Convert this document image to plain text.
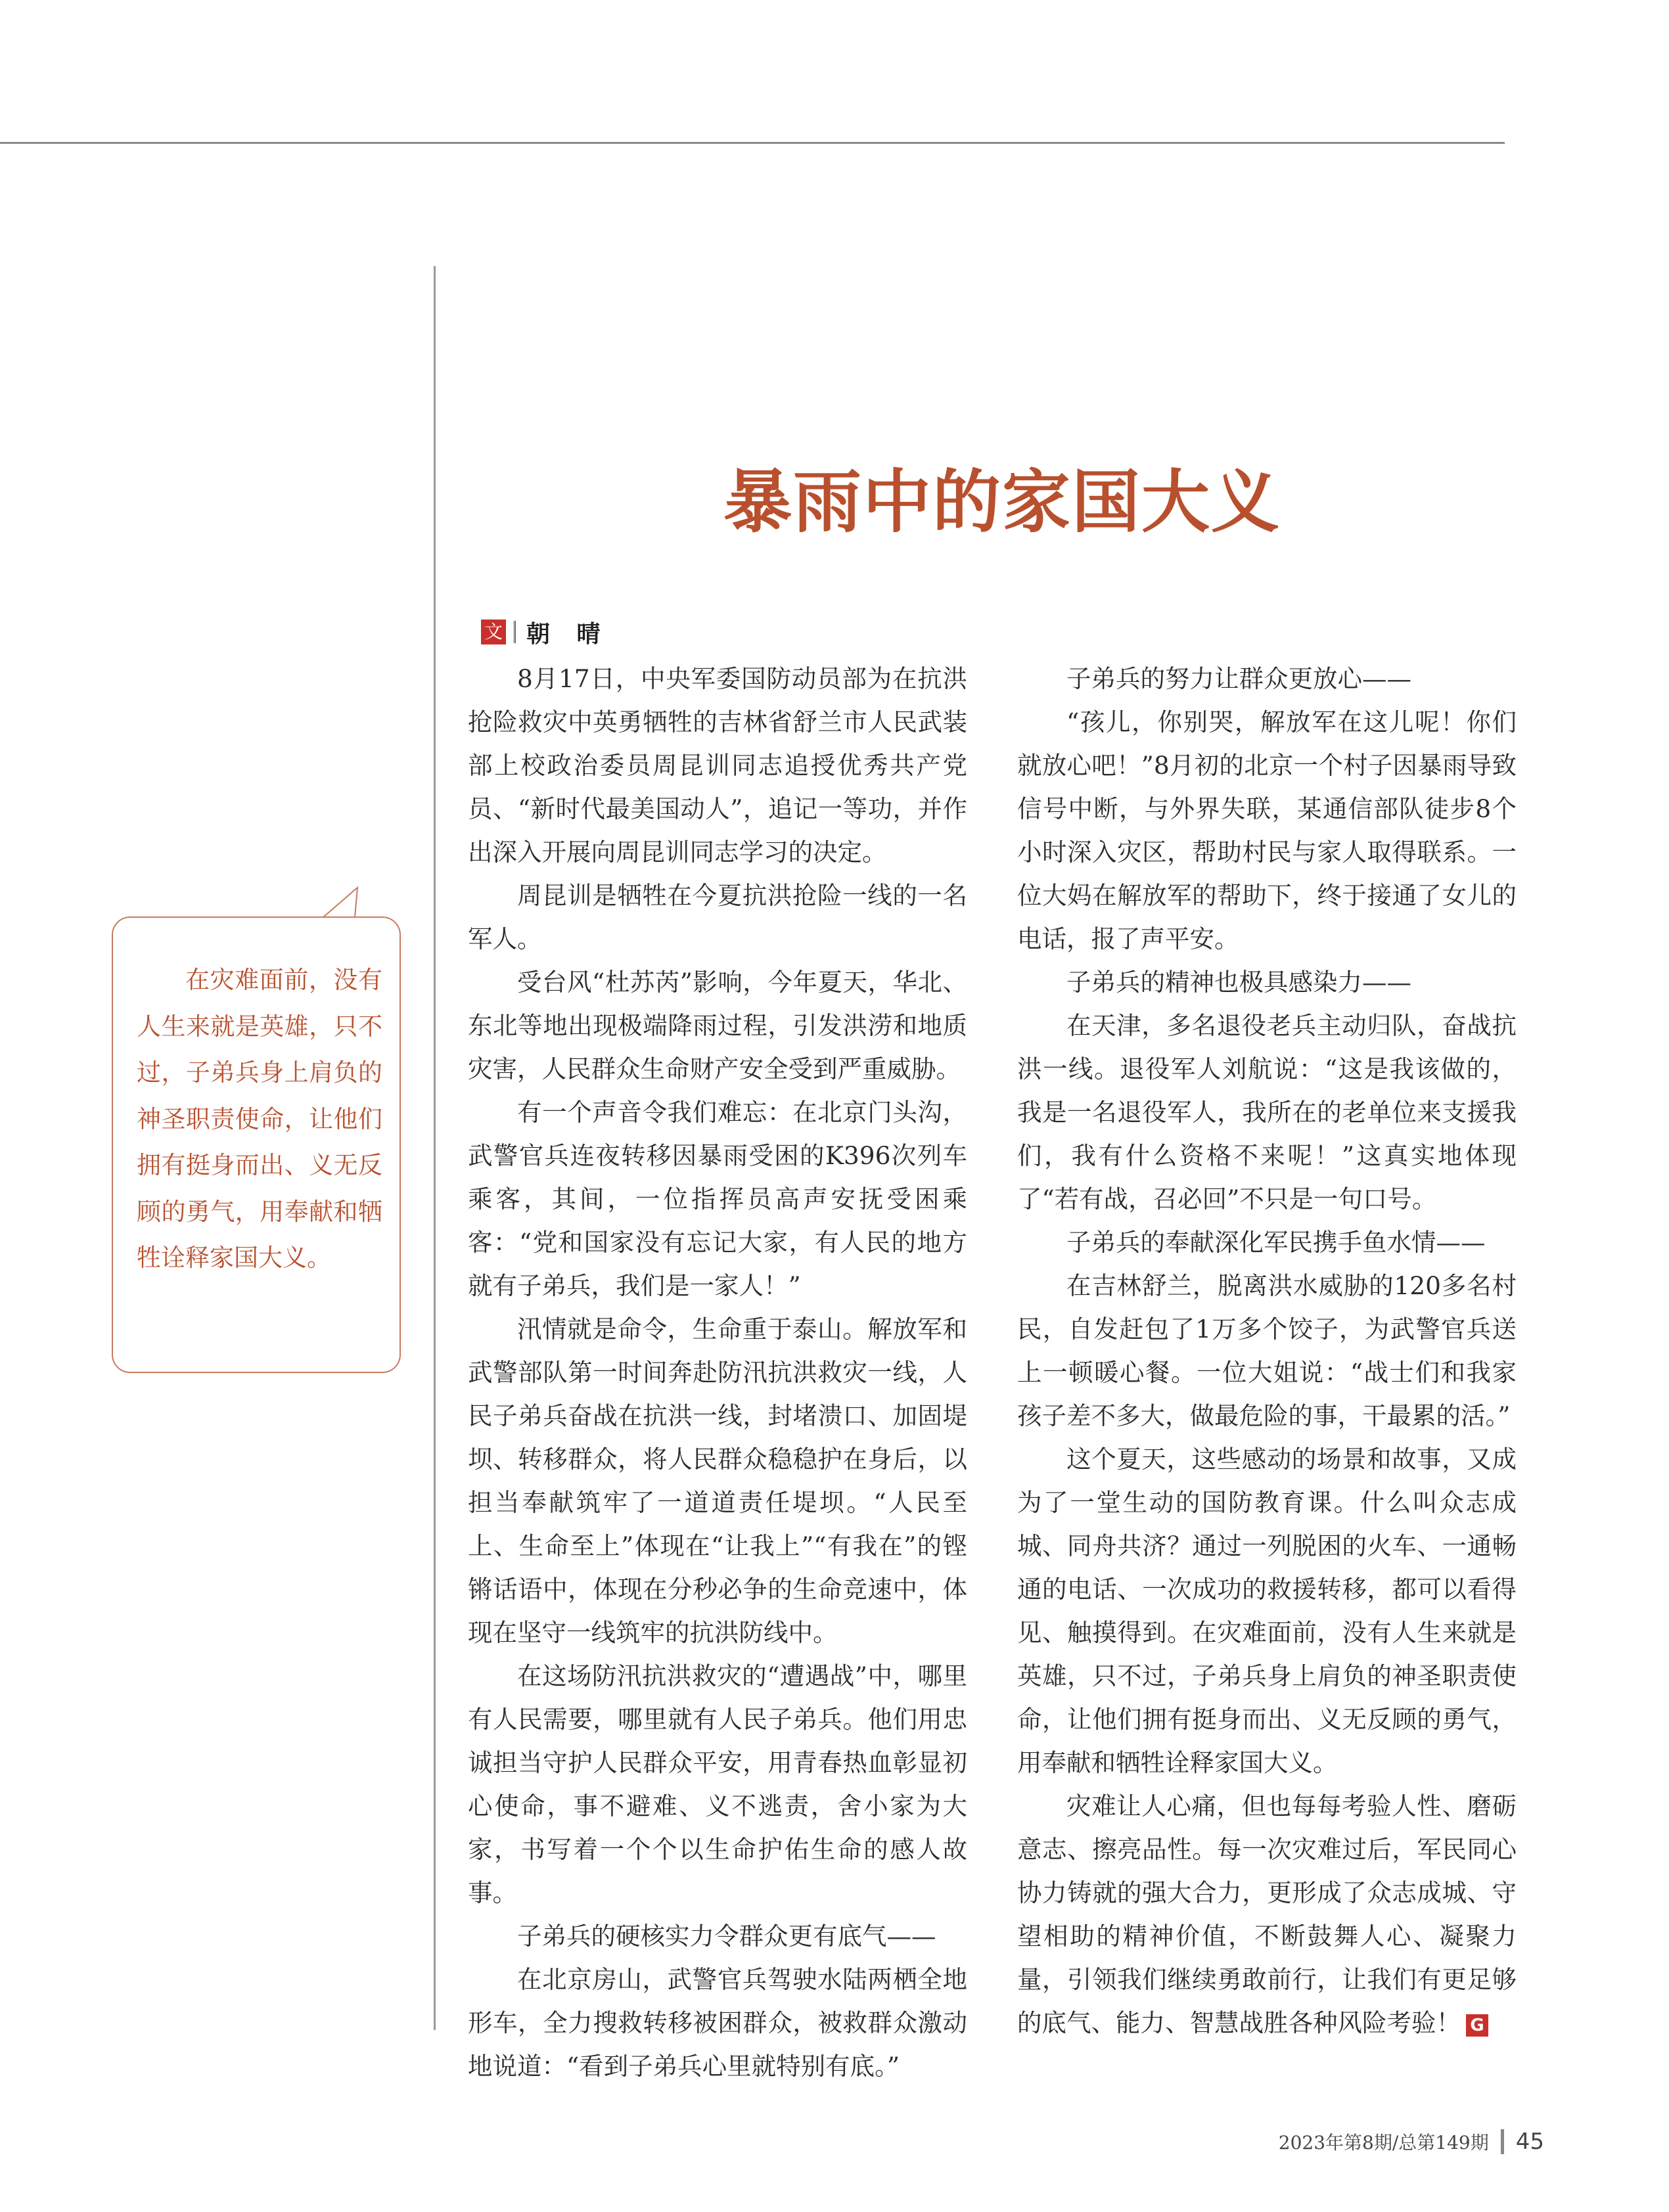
暴雨中的家国大义
文 朝 晴

8月17日，中央军委国防动员部为在抗洪抢险救灾中英勇牺牲的吉林省舒兰市人民武装部上校政治委员周昆训同志追授优秀共产党员、“新时代最美国动人”，追记一等功，并作出深入开展向周昆训同志学习的决定。

周昆训是牺牲在今夏抗洪抢险一线的一名军人。

受台风“杜苏芮”影响，今年夏天，华北、东北等地出现极端降雨过程，引发洪涝和地质灾害，人民群众生命财产安全受到严重威胁。

有一个声音令我们难忘：在北京门头沟，武警官兵连夜转移因暴雨受困的K396次列车乘客，其间，一位指挥员高声安抚受困乘客：“党和国家没有忘记大家，有人民的地方就有子弟兵，我们是一家人！”

汛情就是命令，生命重于泰山。解放军和武警部队第一时间奔赴防汛抗洪救灾一线，人民子弟兵奋战在抗洪一线，封堵溃口、加固堤坝、转移群众，将人民群众稳稳护在身后，以担当奉献筑牢了一道道责任堤坝。“人民至上、生命至上”体现在“让我上”“有我在”的铿锵话语中，体现在分秒必争的生命竞速中，体现在坚守一线筑牢的抗洪防线中。

在这场防汛抗洪救灾的“遭遇战”中，哪里有人民需要，哪里就有人民子弟兵。他们用忠诚担当守护人民群众平安，用青春热血彰显初心使命，事不避难、义不逃责，舍小家为大家，书写着一个个以生命护佑生命的感人故事。

子弟兵的硬核实力令群众更有底气——

在北京房山，武警官兵驾驶水陆两栖全地形车，全力搜救转移被困群众，被救群众激动地说道：“看到子弟兵心里就特别有底。”

子弟兵的努力让群众更放心——

“孩儿，你别哭，解放军在这儿呢！你们就放心吧！”8月初的北京一个村子因暴雨导致信号中断，与外界失联，某通信部队徒步8个小时深入灾区，帮助村民与家人取得联系。一位大妈在解放军的帮助下，终于接通了女儿的电话，报了声平安。

子弟兵的精神也极具感染力——

在天津，多名退役老兵主动归队，奋战抗洪一线。退役军人刘航说：“这是我该做的，我是一名退役军人，我所在的老单位来支援我们，我有什么资格不来呢！”这真实地体现了“若有战，召必回”不只是一句口号。

子弟兵的奉献深化军民携手鱼水情——

在吉林舒兰，脱离洪水威胁的120多名村民，自发赶包了1万多个饺子，为武警官兵送上一顿暖心餐。一位大姐说：“战士们和我家孩子差不多大，做最危险的事，干最累的活。”

这个夏天，这些感动的场景和故事，又成为了一堂生动的国防教育课。什么叫众志成城、同舟共济？通过一列脱困的火车、一通畅通的电话、一次成功的救援转移，都可以看得见、触摸得到。在灾难面前，没有人生来就是英雄，只不过，子弟兵身上肩负的神圣职责使命，让他们拥有挺身而出、义无反顾的勇气，用奉献和牺牲诠释家国大义。

灾难让人心痛，但也每每考验人性、磨砺意志、擦亮品性。每一次灾难过后，军民同心协力铸就的强大合力，更形成了众志成城、守望相助的精神价值，不断鼓舞人心、凝聚力量，引领我们继续勇敢前行，让我们有更足够的底气、能力、智慧战胜各种风险考验！ G

在灾难面前，没有人生来就是英雄，只不过，子弟兵身上肩负的神圣职责使命，让他们拥有挺身而出、义无反顾的勇气，用奉献和牺牲诠释家国大义。
2023年第8期/总第149期 45
